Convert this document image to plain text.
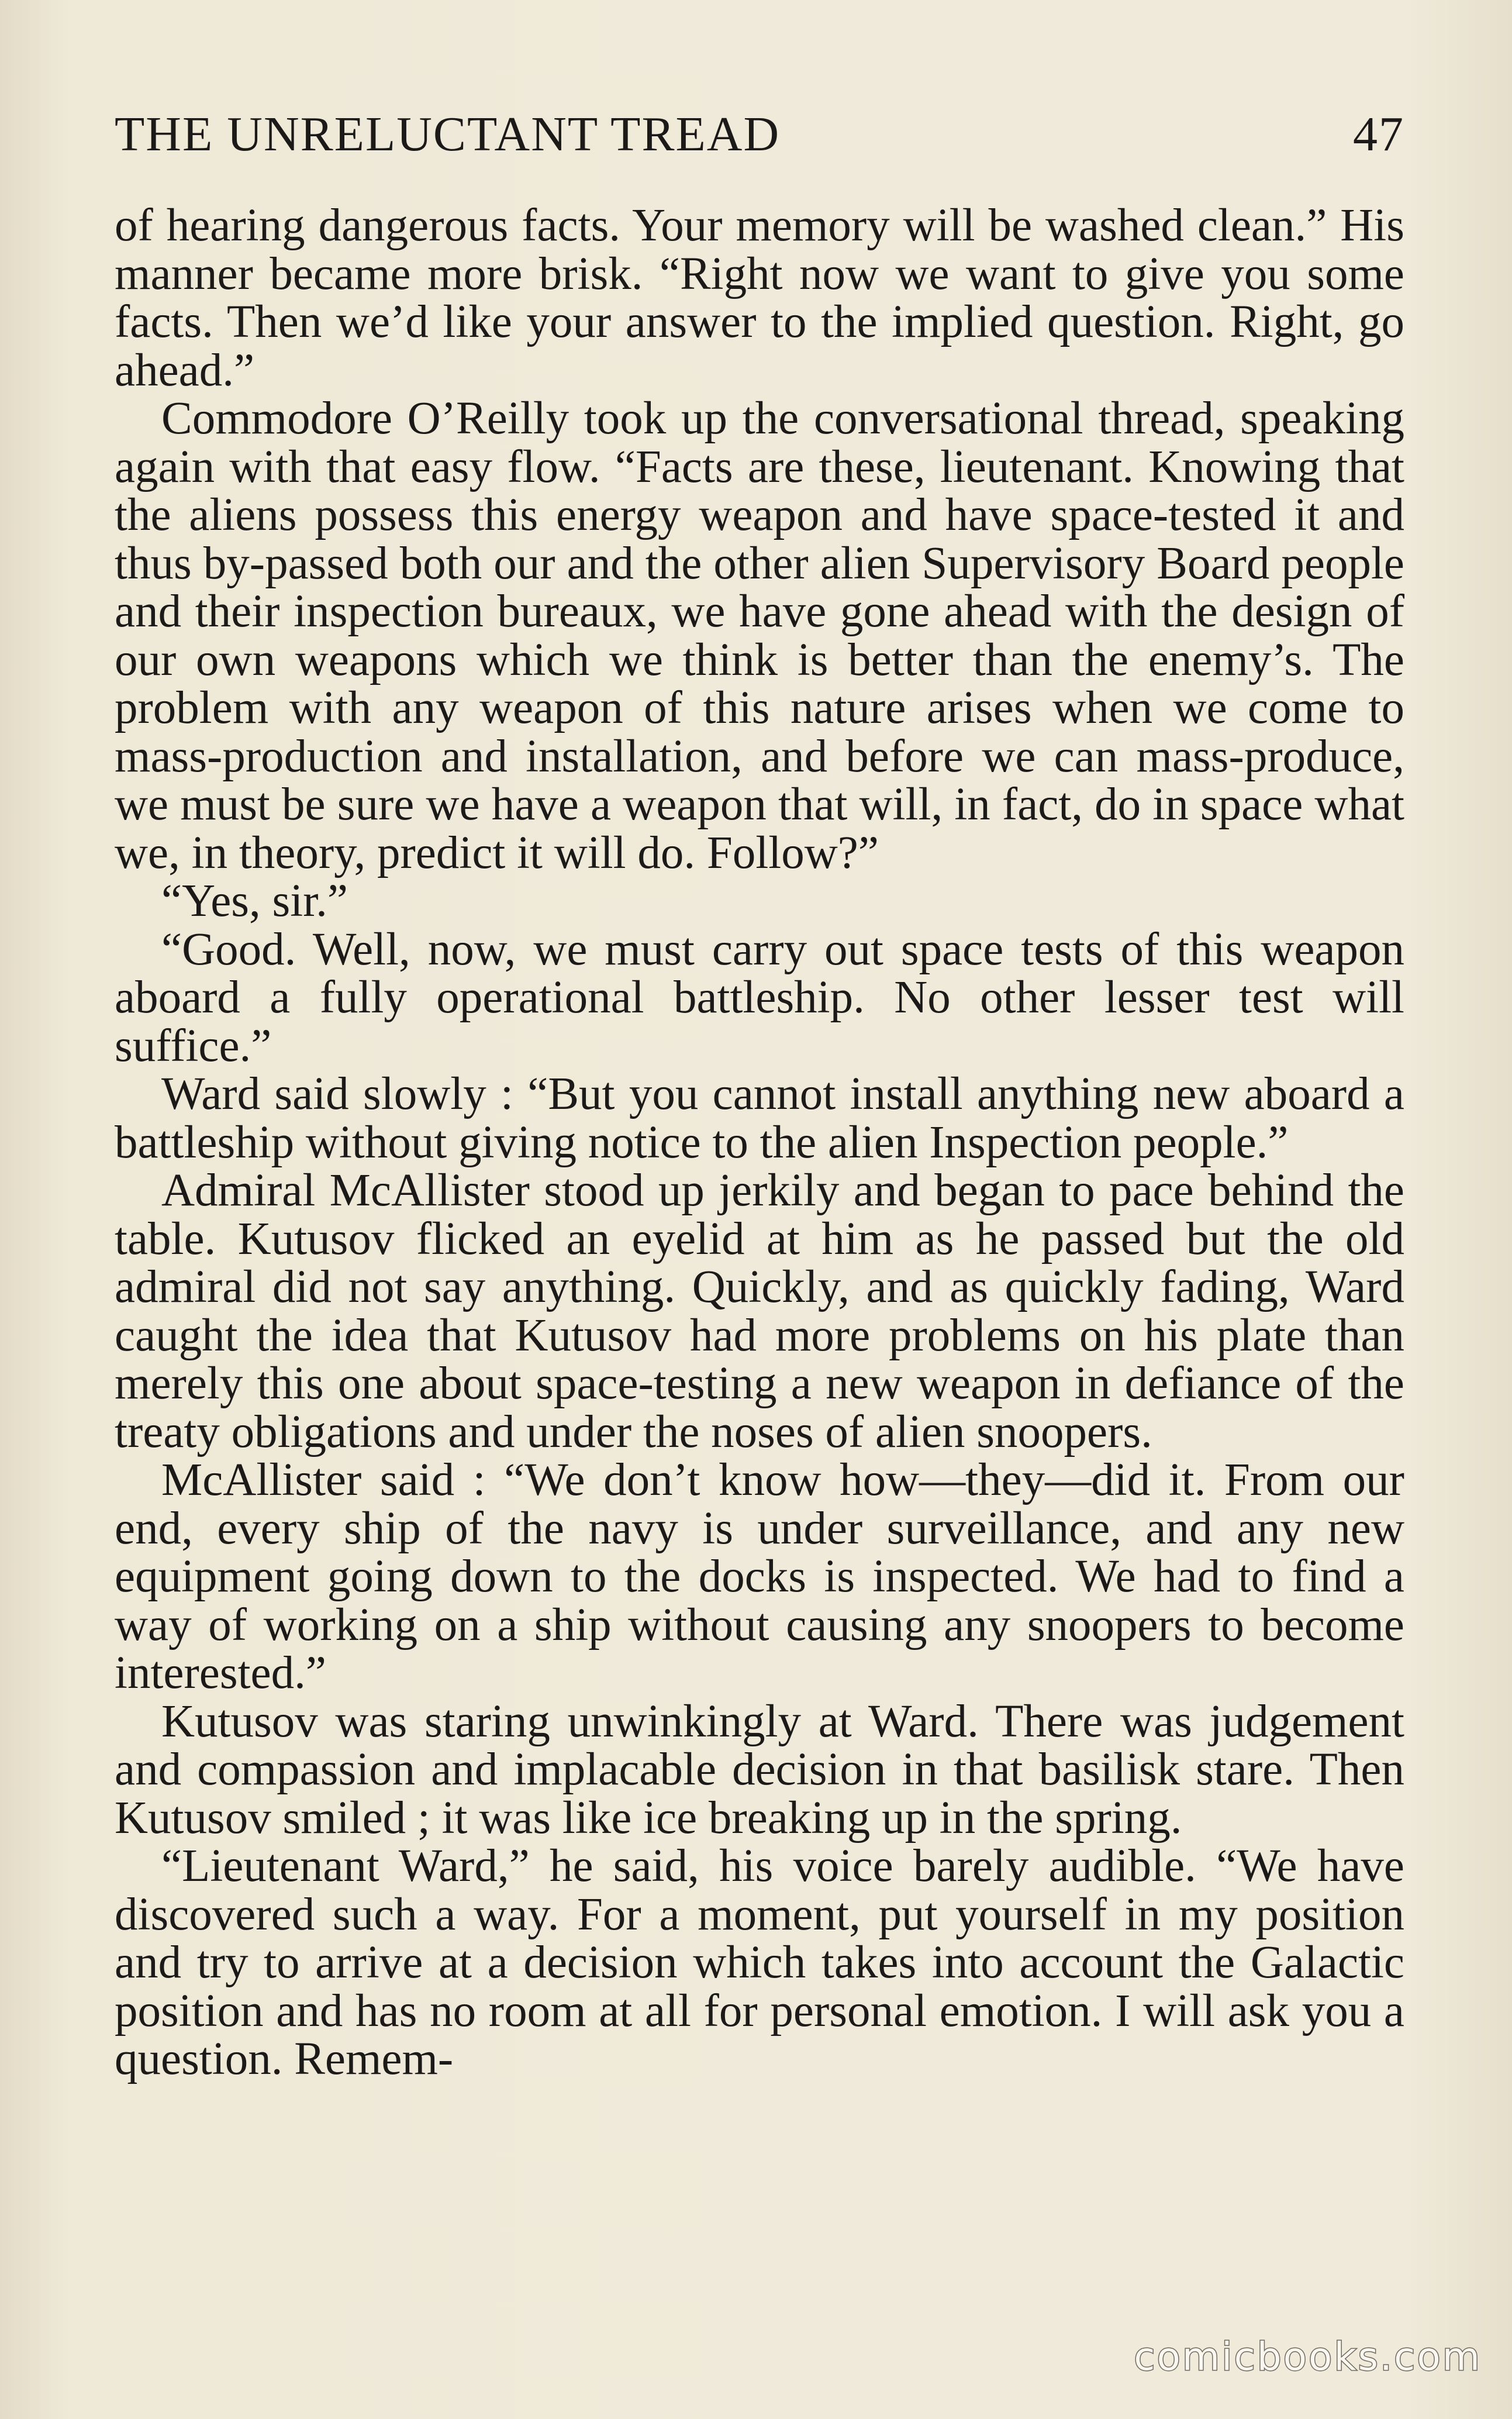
THE UNRELUCTANT TREAD	47

of hearing dangerous facts. Your memory will be washed clean.” His manner became more brisk. “Right now we want to give you some facts. Then we’d like your answer to the implied question. Right, go ahead.”

Commodore O’Reilly took up the conversational thread, speaking again with that easy flow. “Facts are these, lieutenant. Knowing that the aliens possess this energy weapon and have space-tested it and thus by-passed both our and the other alien Supervisory Board people and their inspection bureaux, we have gone ahead with the design of our own weapons which we think is better than the enemy’s. The problem with any weapon of this nature arises when we come to mass-production and installation, and before we can mass-produce, we must be sure we have a weapon that will, in fact, do in space what we, in theory, predict it will do. Follow?”

“Yes, sir.”

“Good. Well, now, we must carry out space tests of this weapon aboard a fully operational battleship. No other lesser test will suffice.”

Ward said slowly : “But you cannot install anything new aboard a battleship without giving notice to the alien Inspection people.”

Admiral McAllister stood up jerkily and began to pace behind the table. Kutusov flicked an eyelid at him as he passed but the old admiral did not say anything. Quickly, and as quickly fading, Ward caught the idea that Kutusov had more problems on his plate than merely this one about space-testing a new weapon in defiance of the treaty obligations and under the noses of alien snoopers.

McAllister said : “We don’t know how—they—did it. From our end, every ship of the navy is under surveillance, and any new equipment going down to the docks is inspected. We had to find a way of working on a ship without causing any snoopers to become interested.”

Kutusov was staring unwinkingly at Ward. There was judgement and compassion and implacable decision in that basilisk stare. Then Kutusov smiled ; it was like ice breaking up in the spring.

“Lieutenant Ward,” he said, his voice barely audible. “We have discovered such a way. For a moment, put yourself in my position and try to arrive at a decision which takes into account the Galactic position and has no room at all for personal emotion. I will ask you a question. Remem-

comicbooks.com
